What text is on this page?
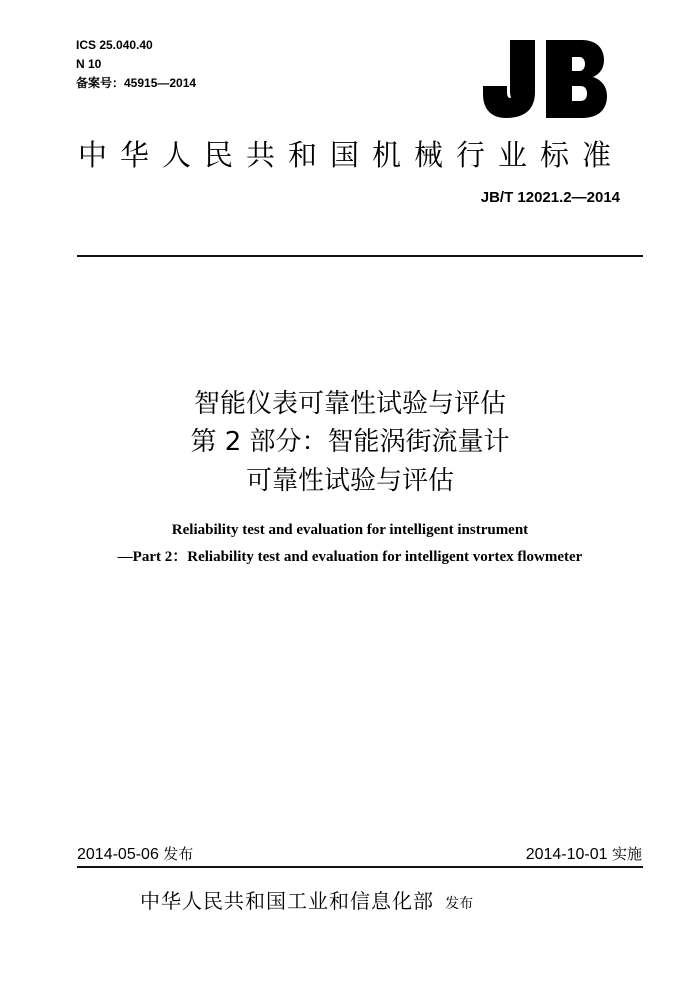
ICS 25.040.40
N 10
备案号：45915—2014
中华人民共和国机械行业标准
JB/T 12021.2—2014
智能仪表可靠性试验与评估
第 2 部分：智能涡街流量计
可靠性试验与评估
Reliability test and evaluation for intelligent instrument
—Part 2：Reliability test and evaluation for intelligent vortex flowmeter
2014-05-06 发布	2014-10-01 实施
中华人民共和国工业和信息化部 发布
